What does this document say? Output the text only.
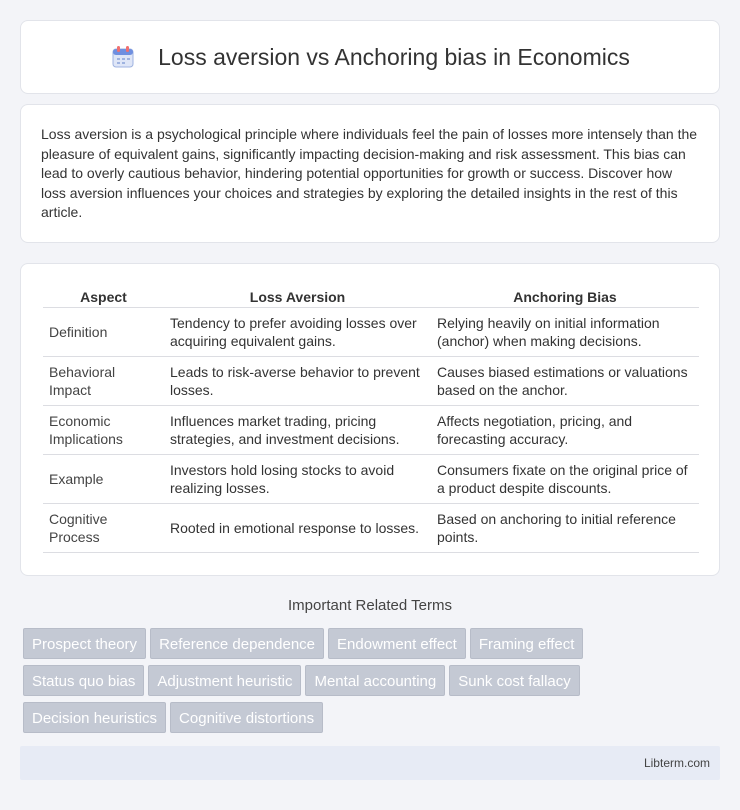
Loss aversion vs Anchoring bias in Economics

Loss aversion is a psychological principle where individuals feel the pain of losses more intensely than the pleasure of equivalent gains, significantly impacting decision-making and risk assessment. This bias can lead to overly cautious behavior, hindering potential opportunities for growth or success. Discover how loss aversion influences your choices and strategies by exploring the detailed insights in the rest of this article.

Aspect	Loss Aversion	Anchoring Bias
Definition	Tendency to prefer avoiding losses over acquiring equivalent gains.	Relying heavily on initial information (anchor) when making decisions.
Behavioral Impact	Leads to risk-averse behavior to prevent losses.	Causes biased estimations or valuations based on the anchor.
Economic Implications	Influences market trading, pricing strategies, and investment decisions.	Affects negotiation, pricing, and forecasting accuracy.
Example	Investors hold losing stocks to avoid realizing losses.	Consumers fixate on the original price of a product despite discounts.
Cognitive Process	Rooted in emotional response to losses.	Based on anchoring to initial reference points.
Important Related Terms
Prospect theory Reference dependence Endowment effect Framing effect
Status quo bias Adjustment heuristic Mental accounting Sunk cost fallacy
Decision heuristics Cognitive distortions
Libterm.com
